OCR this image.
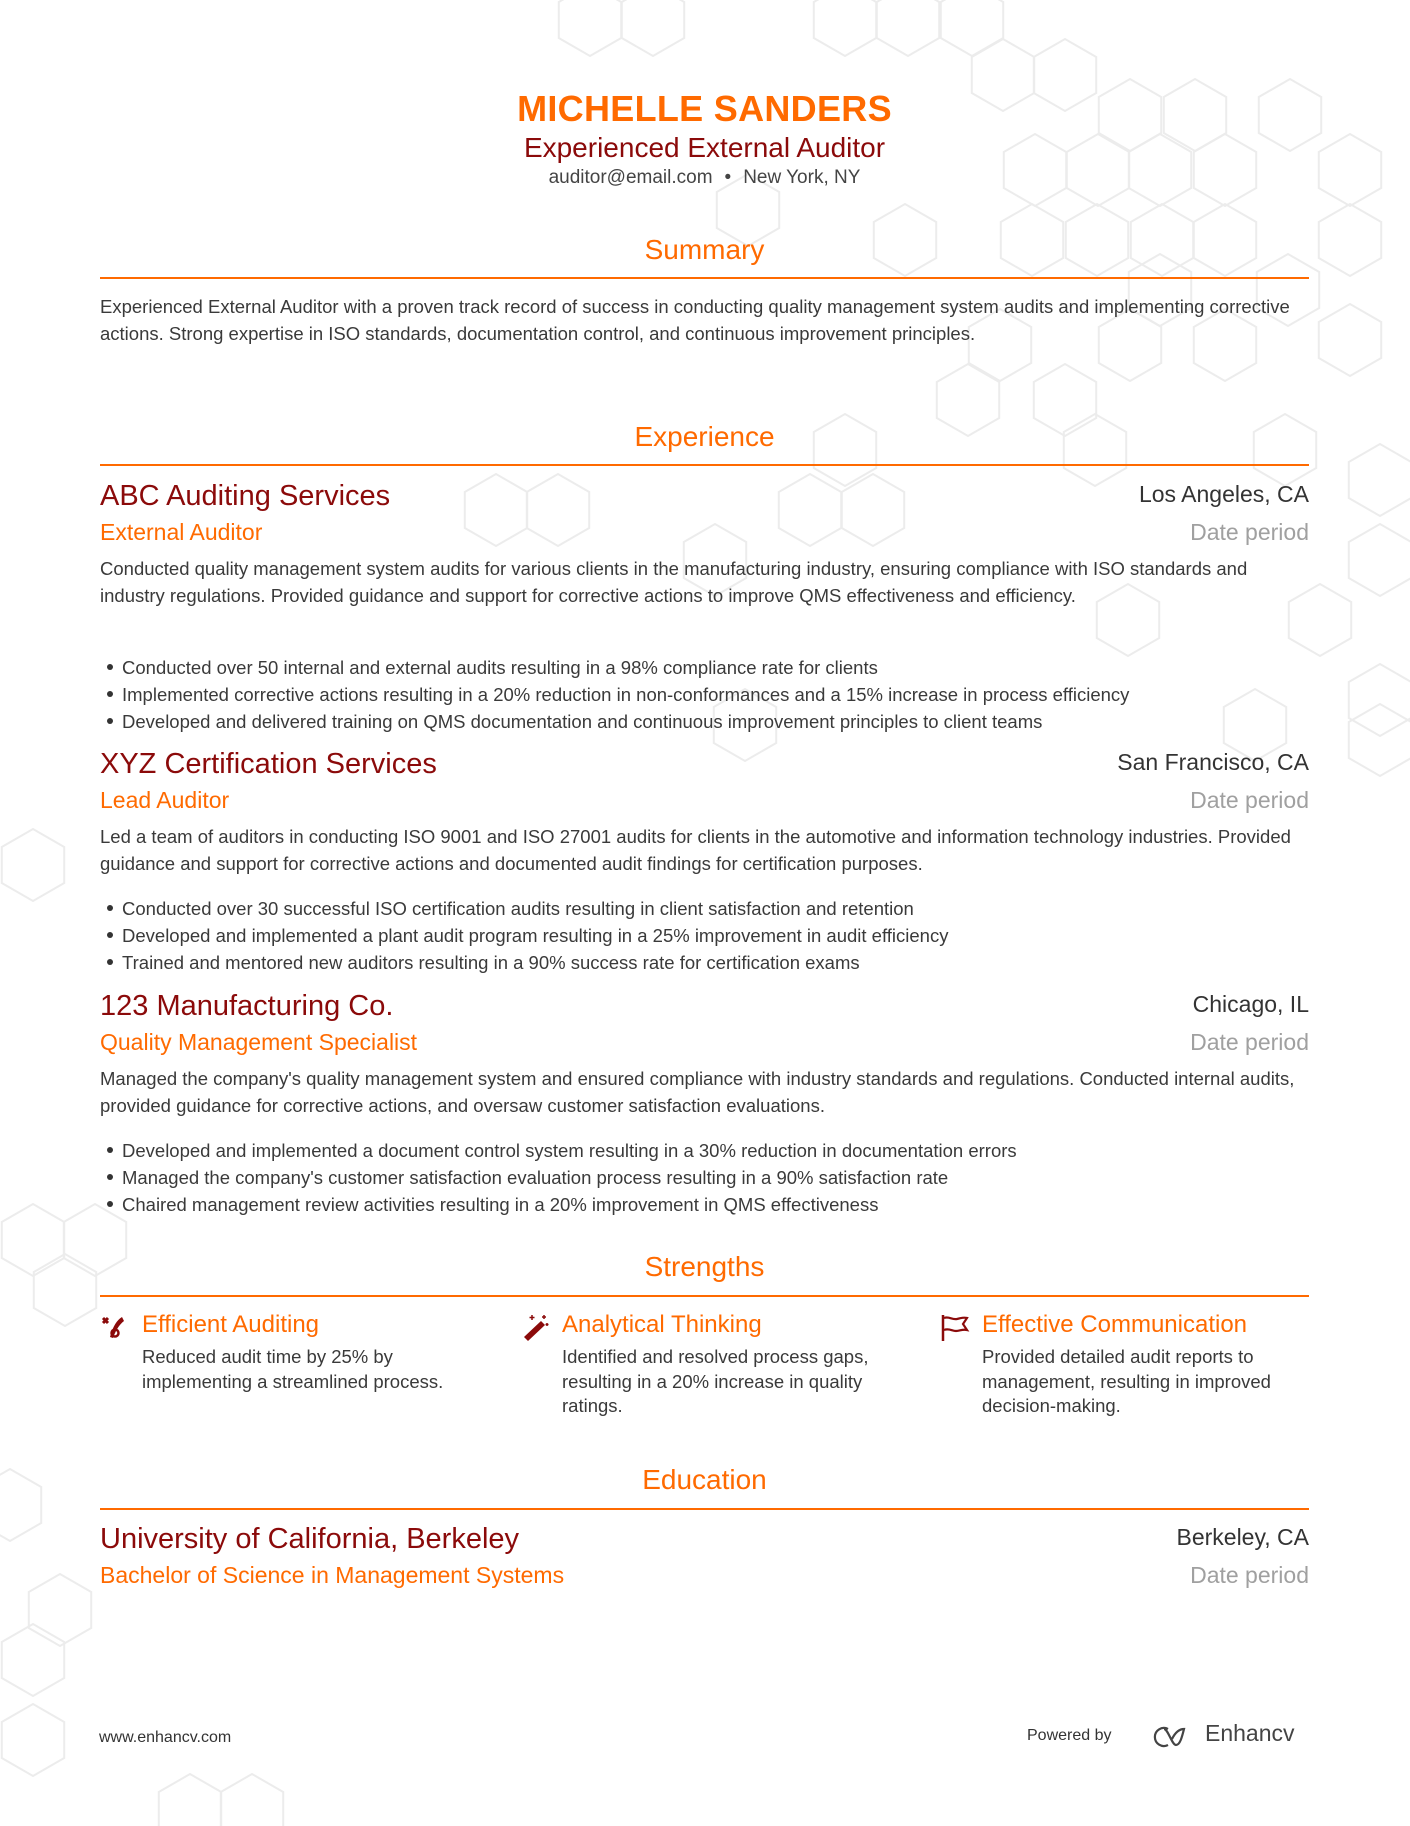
MICHELLE SANDERS
Experienced External Auditor
auditor@email.com • New York, NY
Summary
Experienced External Auditor with a proven track record of success in conducting quality management system audits and implementing corrective actions. Strong expertise in ISO standards, documentation control, and continuous improvement principles.
Experience
ABC Auditing Services	Los Angeles, CA
External Auditor	Date period
Conducted quality management system audits for various clients in the manufacturing industry, ensuring compliance with ISO standards and industry regulations. Provided guidance and support for corrective actions to improve QMS effectiveness and efficiency.
Conducted over 50 internal and external audits resulting in a 98% compliance rate for clients
Implemented corrective actions resulting in a 20% reduction in non-conformances and a 15% increase in process efficiency
Developed and delivered training on QMS documentation and continuous improvement principles to client teams
XYZ Certification Services	San Francisco, CA
Lead Auditor	Date period
Led a team of auditors in conducting ISO 9001 and ISO 27001 audits for clients in the automotive and information technology industries. Provided guidance and support for corrective actions and documented audit findings for certification purposes.
Conducted over 30 successful ISO certification audits resulting in client satisfaction and retention
Developed and implemented a plant audit program resulting in a 25% improvement in audit efficiency
Trained and mentored new auditors resulting in a 90% success rate for certification exams
123 Manufacturing Co.	Chicago, IL
Quality Management Specialist	Date period
Managed the company's quality management system and ensured compliance with industry standards and regulations. Conducted internal audits, provided guidance for corrective actions, and oversaw customer satisfaction evaluations.
Developed and implemented a document control system resulting in a 30% reduction in documentation errors
Managed the company's customer satisfaction evaluation process resulting in a 90% satisfaction rate
Chaired management review activities resulting in a 20% improvement in QMS effectiveness
Strengths
Efficient Auditing
Reduced audit time by 25% by implementing a streamlined process.
Analytical Thinking
Identified and resolved process gaps, resulting in a 20% increase in quality ratings.
Effective Communication
Provided detailed audit reports to management, resulting in improved decision-making.
Education
University of California, Berkeley	Berkeley, CA
Bachelor of Science in Management Systems	Date period
www.enhancv.com	Powered by	Enhancv
